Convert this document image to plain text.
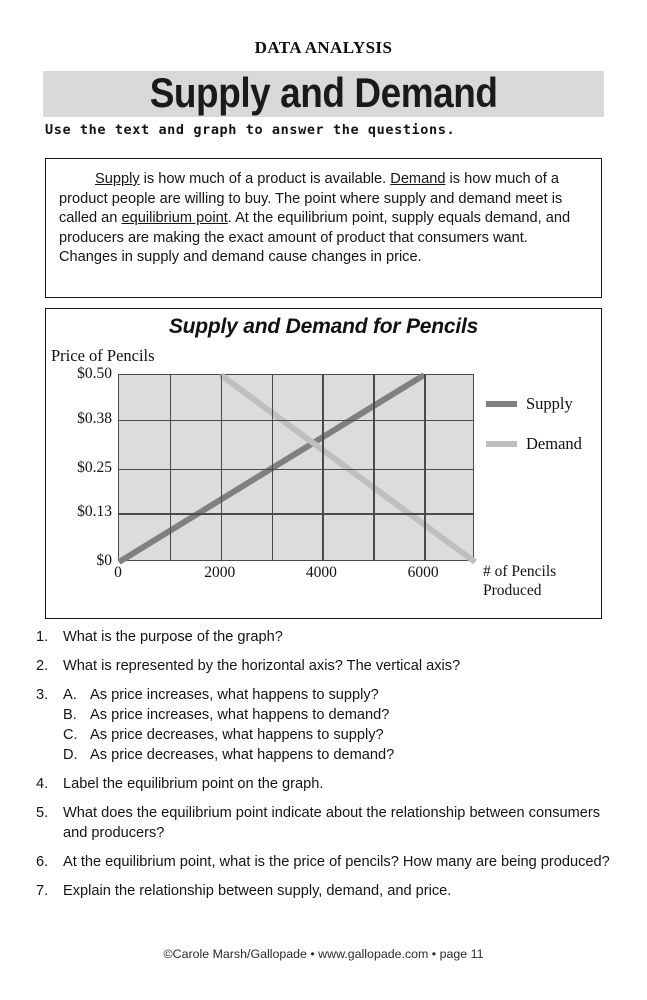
DATA ANALYSIS
Supply and Demand
Use the text and graph to answer the questions.

Supply is how much of a product is available. Demand is how much of a product people are willing to buy. The point where supply and demand meet is called an equilibrium point. At the equilibrium point, supply equals demand, and producers are making the exact amount of product that consumers want. Changes in supply and demand cause changes in price.

Supply and Demand for Pencils
Price of Pencils
$0.50
$0.38
$0.25
$0.13
$0
0	2000	4000	6000	# of Pencils
Produced
Supply
Demand
1.	What is the purpose of the graph?
2.	What is represented by the horizontal axis? The vertical axis?
3.	A. As price increases, what happens to supply?
B. As price increases, what happens to demand?
C. As price decreases, what happens to supply?
D. As price decreases, what happens to demand?
4.	Label the equilibrium point on the graph.
5.	What does the equilibrium point indicate about the relationship between consumers and producers?
6.	At the equilibrium point, what is the price of pencils? How many are being produced?
7.	Explain the relationship between supply, demand, and price.
©Carole Marsh/Gallopade • www.gallopade.com • page 11
